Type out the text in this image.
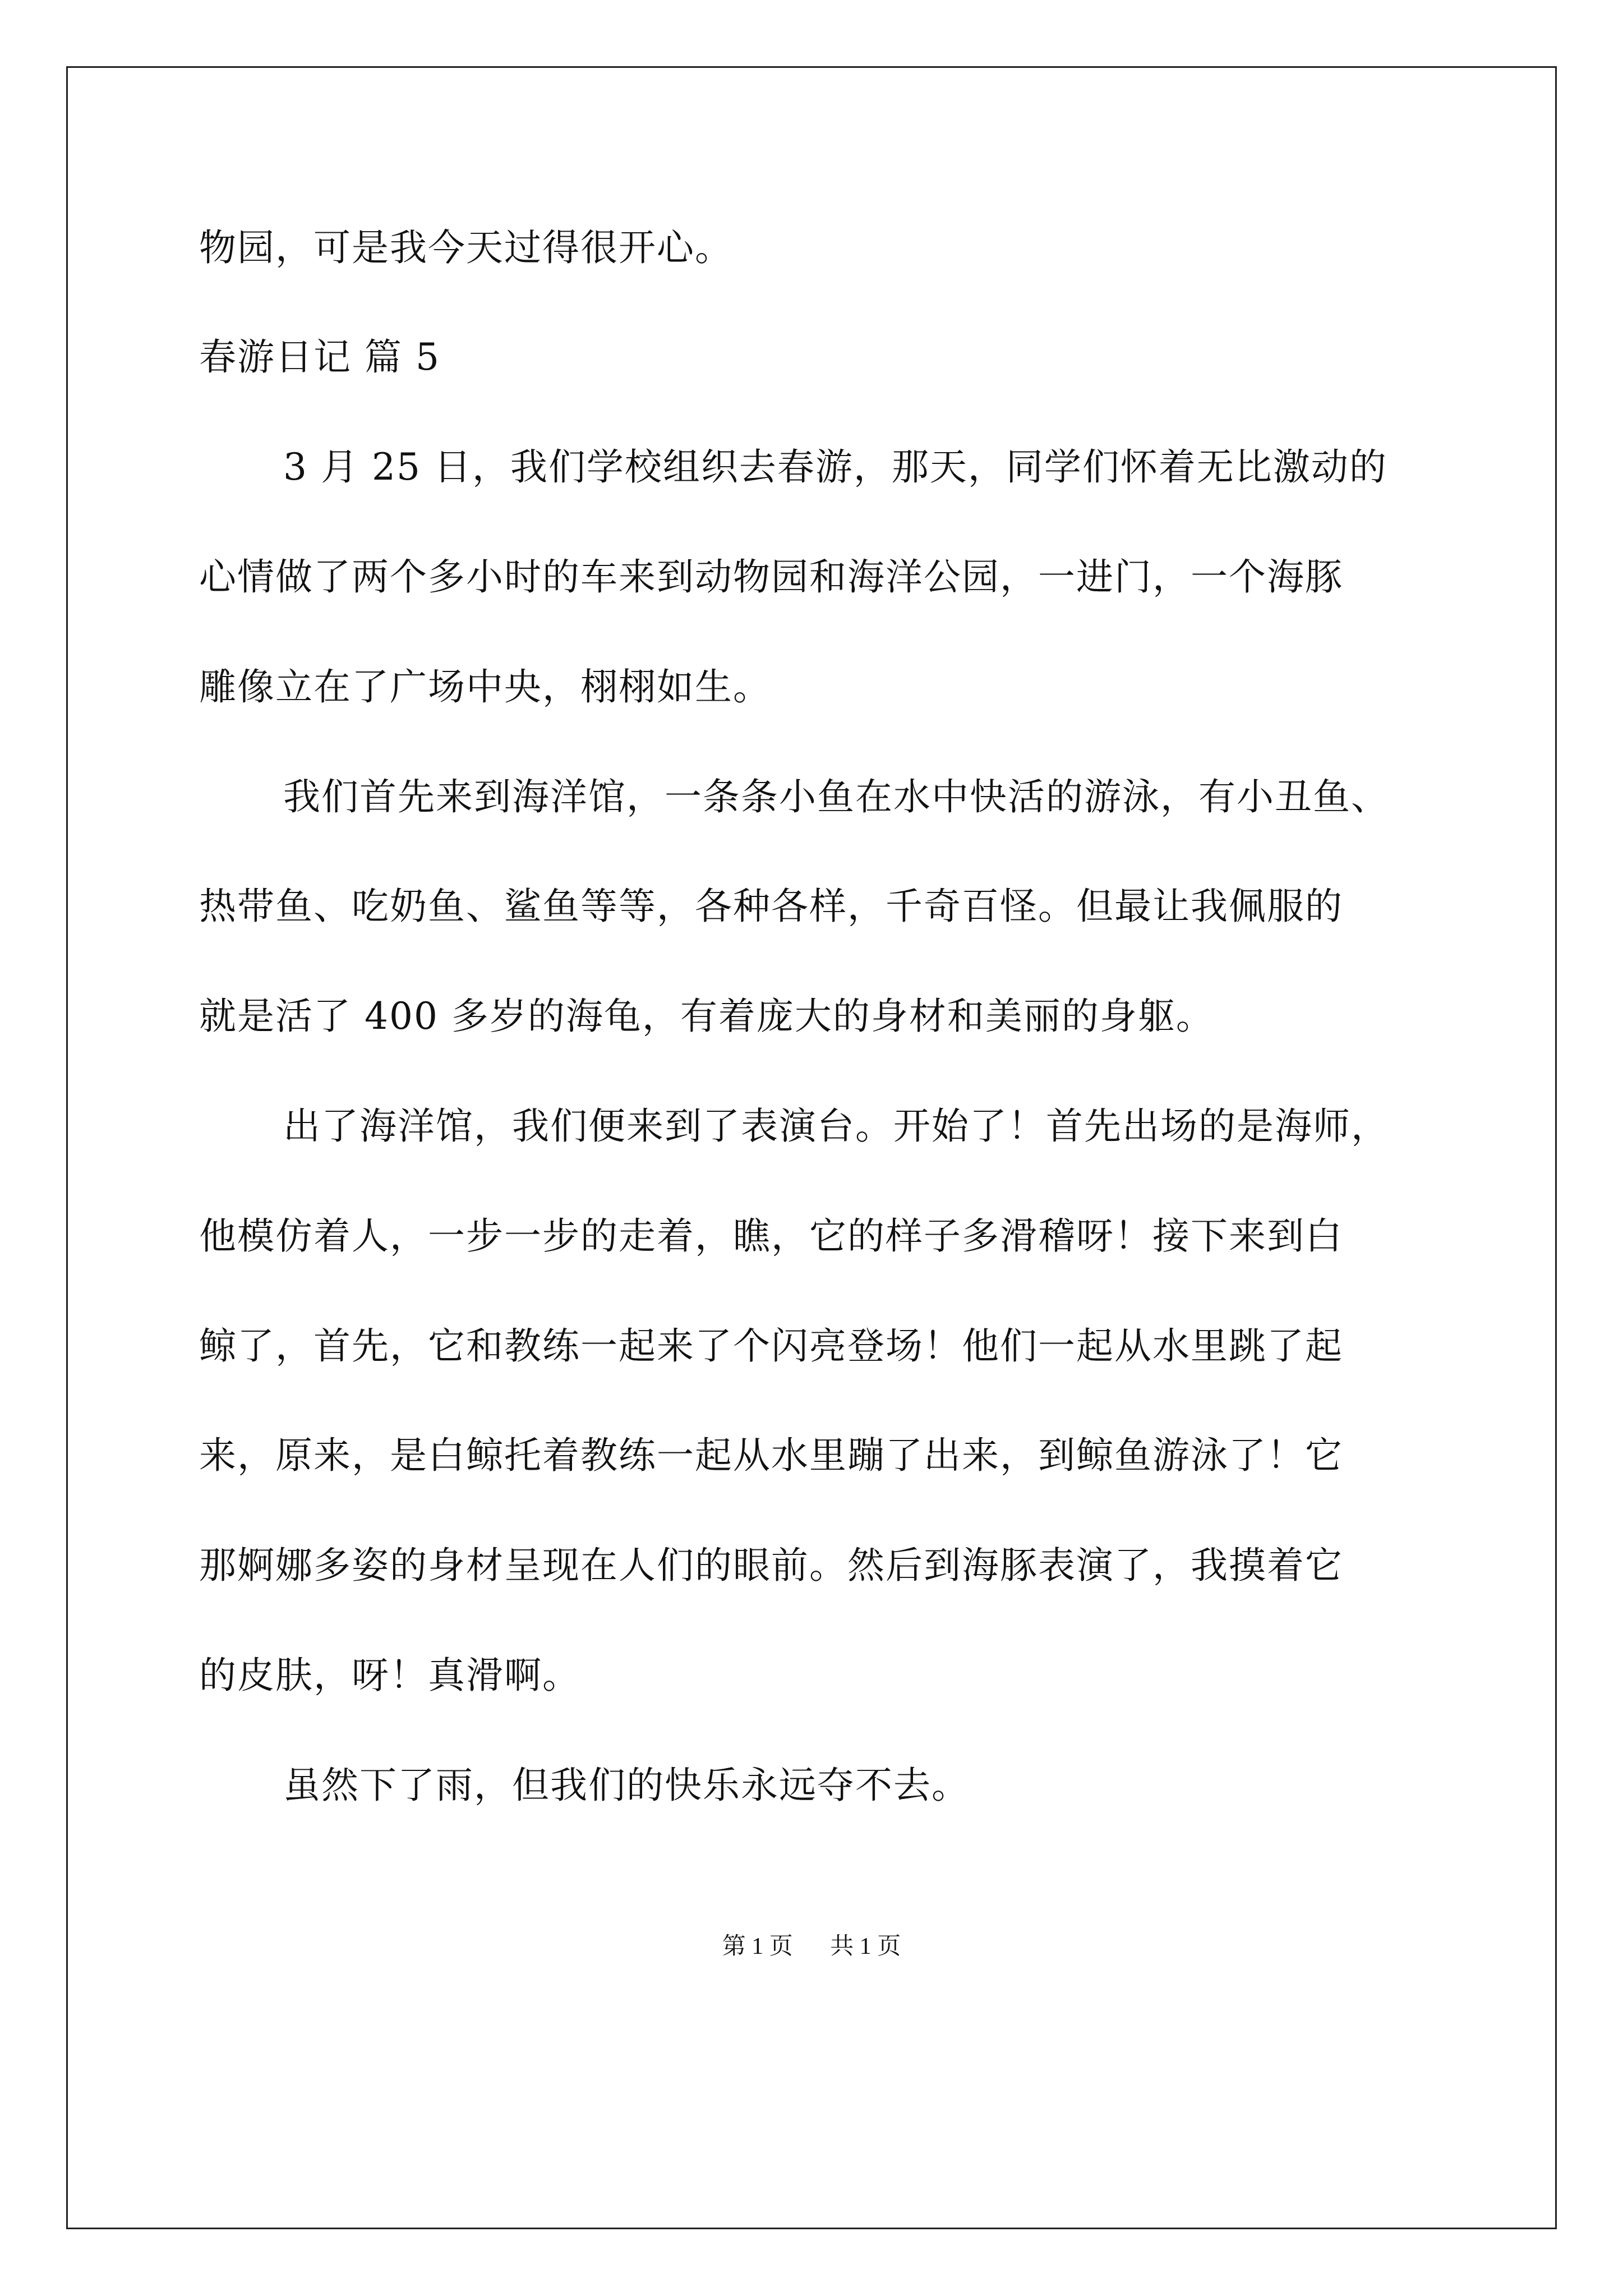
物园，可是我今天过得很开心。
春游日记 篇 5
3 月 25 日，我们学校组织去春游，那天，同学们怀着无比激动的
心情做了两个多小时的车来到动物园和海洋公园，一进门，一个海豚
雕像立在了广场中央，栩栩如生。
我们首先来到海洋馆，一条条小鱼在水中快活的游泳，有小丑鱼、
热带鱼、吃奶鱼、鲨鱼等等，各种各样，千奇百怪。但最让我佩服的
就是活了 400 多岁的海龟，有着庞大的身材和美丽的身躯。
出了海洋馆，我们便来到了表演台。开始了！首先出场的是海师，
他模仿着人，一步一步的走着，瞧，它的样子多滑稽呀！接下来到白
鲸了，首先，它和教练一起来了个闪亮登场！他们一起从水里跳了起
来，原来，是白鲸托着教练一起从水里蹦了出来，到鲸鱼游泳了！它
那婀娜多姿的身材呈现在人们的眼前。然后到海豚表演了，我摸着它
的皮肤，呀！真滑啊。
虽然下了雨，但我们的快乐永远夺不去。
第 1 页 共 1 页
